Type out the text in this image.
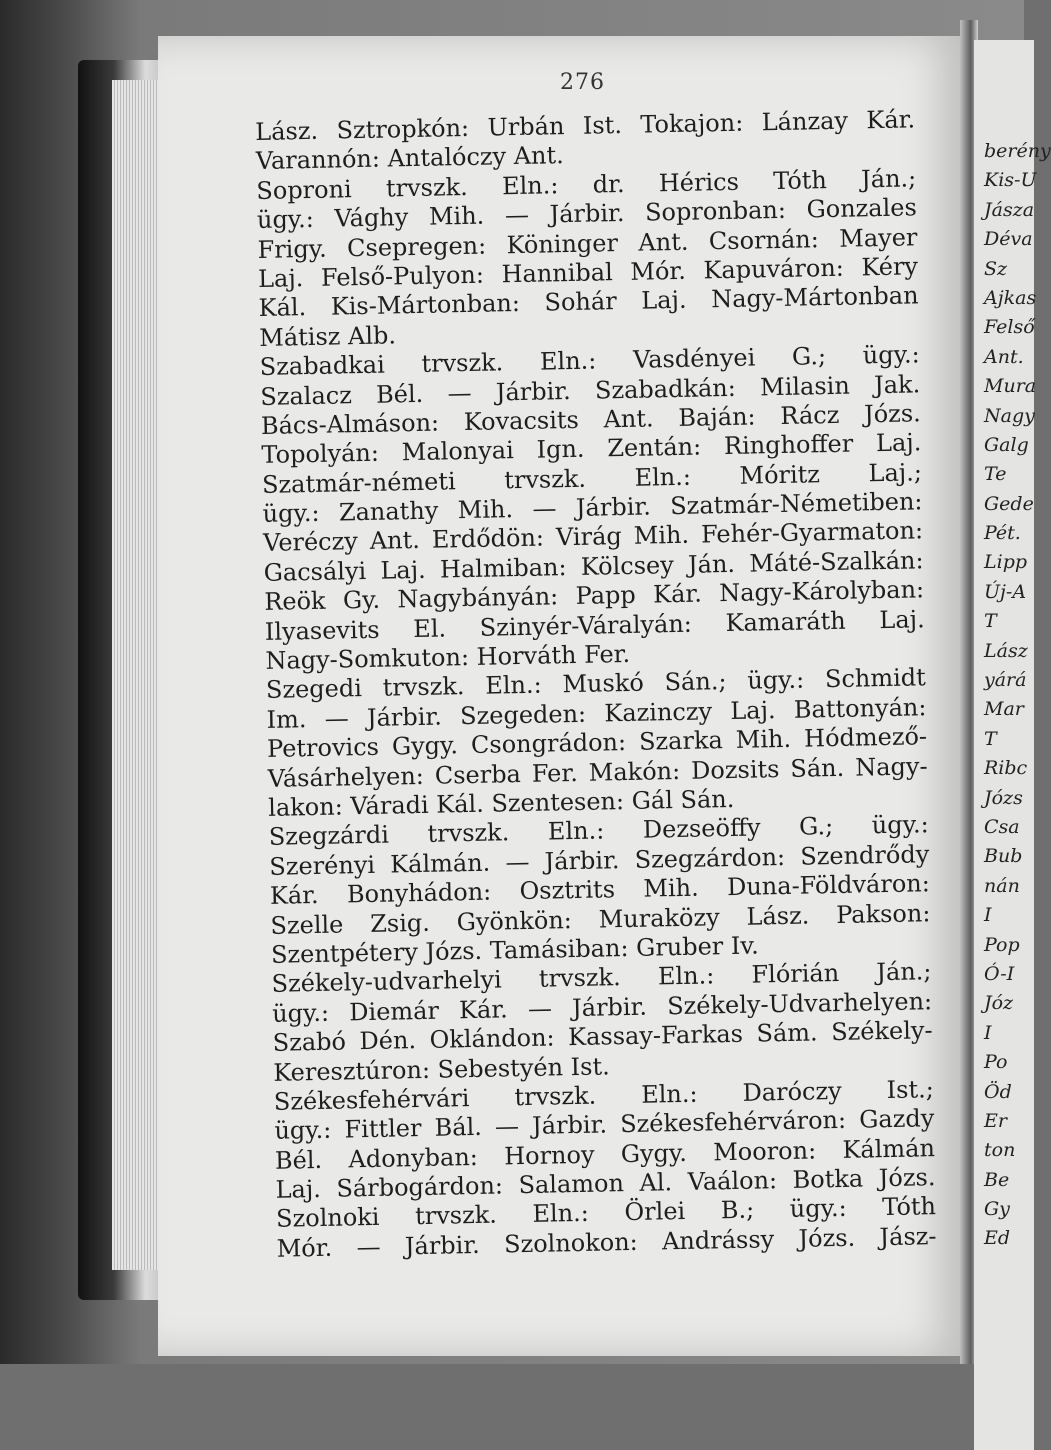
276
Lász. Sztropkón: Urbán Ist. Tokajon: Lánzay Kár.
Varannón: Antalóczy Ant.
Soproni trvszk. Eln.: dr. Hérics Tóth Ján.;
ügy.: Vághy Mih. — Járbir. Sopronban: Gonzales
Frigy. Csepregen: Köninger Ant. Csornán: Mayer
Laj. Felső-Pulyon: Hannibal Mór. Kapuváron: Kéry
Kál. Kis-Mártonban: Sohár Laj. Nagy-Mártonban
Mátisz Alb.
Szabadkai trvszk. Eln.: Vasdényei G.; ügy.:
Szalacz Bél. — Járbir. Szabadkán: Milasin Jak.
Bács-Almáson: Kovacsits Ant. Baján: Rácz Józs.
Topolyán: Malonyai Ign. Zentán: Ringhoffer Laj.
Szatmár-németi trvszk. Eln.: Móritz Laj.;
ügy.: Zanathy Mih. — Járbir. Szatmár-Németiben:
Veréczy Ant. Erdődön: Virág Mih. Fehér-Gyarmaton:
Gacsályi Laj. Halmiban: Kölcsey Ján. Máté-Szalkán:
Reök Gy. Nagybányán: Papp Kár. Nagy-Károlyban:
Ilyasevits El. Szinyér-Váralyán: Kamaráth Laj.
Nagy-Somkuton: Horváth Fer.
Szegedi trvszk. Eln.: Muskó Sán.; ügy.: Schmidt
Im. — Járbir. Szegeden: Kazinczy Laj. Battonyán:
Petrovics Gygy. Csongrádon: Szarka Mih. Hódmező-
Vásárhelyen: Cserba Fer. Makón: Dozsits Sán. Nagy-
lakon: Váradi Kál. Szentesen: Gál Sán.
Szegzárdi trvszk. Eln.: Dezseöffy G.; ügy.:
Szerényi Kálmán. — Járbir. Szegzárdon: Szendrődy
Kár. Bonyhádon: Osztrits Mih. Duna-Földváron:
Szelle Zsig. Gyönkön: Muraközy Lász. Pakson:
Szentpétery Józs. Tamásiban: Gruber Iv.
Székely-udvarhelyi trvszk. Eln.: Flórián Ján.;
ügy.: Diemár Kár. — Járbir. Székely-Udvarhelyen:
Szabó Dén. Oklándon: Kassay-Farkas Sám. Székely-
Keresztúron: Sebestyén Ist.
Székesfehérvári trvszk. Eln.: Daróczy Ist.;
ügy.: Fittler Bál. — Járbir. Székesfehérváron: Gazdy
Bél. Adonyban: Hornoy Gygy. Mooron: Kálmán
Laj. Sárbogárdon: Salamon Al. Vaálon: Botka Józs.
Szolnoki trvszk. Eln.: Örlei B.; ügy.: Tóth
Mór. — Járbir. Szolnokon: Andrássy Józs. Jász-
berény
Kis-U
Jásza
Déva
Sz
Ajkas
Felső
Ant.
Mura
Nagy
Galg
Te
Gede
Pét.
Lipp
Új-A
T
Lász
yárá
Mar
T
Ribc
Józs
Csa
Bub
nán
I
Pop
Ó-I
Józ
I
Po
Öd
Er
ton
Be
Gy
Ed
